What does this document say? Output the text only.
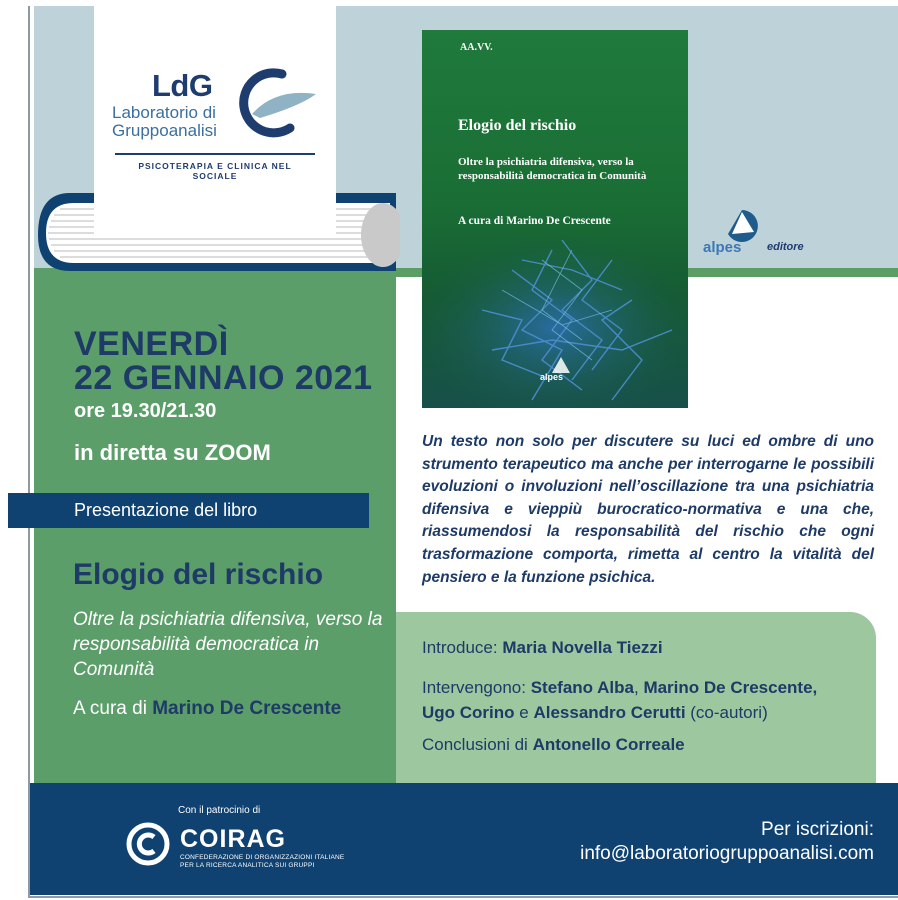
LdG
Laboratorio di
Gruppoanalisi
PSICOTERAPIA E CLINICA NEL SOCIALE
AA.VV.
Elogio del rischio
Oltre la psichiatria difensiva, verso la responsabilità democratica in Comunità
A cura di Marino De Crescente
alpes
alpes editore
VENERDÌ
22 GENNAIO 2021
ore 19.30/21.30
in diretta su ZOOM
Presentazione del libro
Elogio del rischio
Oltre la psichiatria difensiva, verso la responsabilità democratica in Comunità
A cura di Marino De Crescente
Un testo non solo per discutere su luci ed ombre di uno strumento terapeutico ma anche per interrogarne le possibili evoluzioni o involuzioni nell’oscillazione tra una psichiatria difensiva e vieppiù burocratico-normativa e una che, riassumendosi la responsabilità del rischio che ogni trasformazione comporta, rimetta al centro la vitalità del pensiero e la funzione psichica.
Introduce: Maria Novella Tiezzi
Intervengono: Stefano Alba, Marino De Crescente,
Ugo Corino e Alessandro Cerutti (co-autori)
Conclusioni di Antonello Correale
Con il patrocinio di
COIRAG
CONFEDERAZIONE DI ORGANIZZAZIONI ITALIANE
PER LA RICERCA ANALITICA SUI GRUPPI
Per iscrizioni:
info@laboratoriogruppoanalisi.com
